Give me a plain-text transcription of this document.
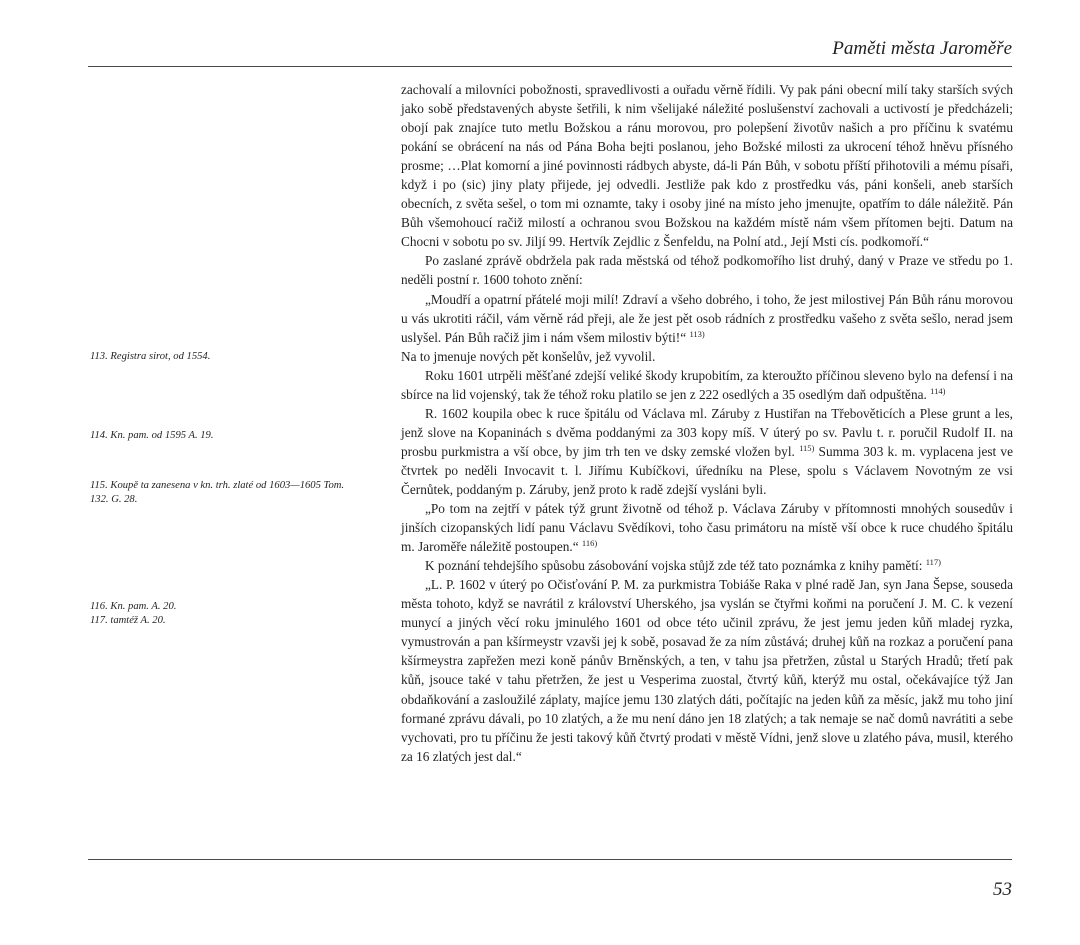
Paměti města Jaroměře
113. Registra sirot, od 1554.
114. Kn. pam. od 1595 A. 19.
115. Koupě ta zanesena v kn. trh. zlaté od 1603—1605 Tom.
132. G. 28.
116. Kn. pam. A. 20.
117. tamtéž A. 20.

zachovalí a milovníci pobožnosti, spravedlivosti a ouřadu věrně řídili. Vy pak páni obecní milí taky starších svých jako sobě představených abyste šetřili, k nim všelijaké náležité poslušenství zachovali a uctivostí je předcházeli; obojí pak znajíce tuto metlu Božskou a ránu morovou, pro polepšení životův našich a pro příčinu k svatému pokání se obrácení na nás od Pána Boha bejti poslanou, jeho Božské milosti za ukrocení téhož hněvu přísného prosme; …Plat komorní a jiné povinnosti rádbych abyste, dá-li Pán Bůh, v sobotu příští přihotovili a mému písaři, když i po (sic) jiny platy přijede, jej odvedli. Jestliže pak kdo z prostředku vás, páni konšeli, aneb starších obecních, z světa sešel, o tom mi oznamte, taky i osoby jiné na místo jeho jmenujte, opatřím to dále náležitě. Pán Bůh všemohoucí račiž milostí a ochranou svou Božskou na každém místě nám všem přítomen bejti. Datum na Chocni v sobotu po sv. Jiljí 99. Hertvík Zejdlic z Šenfeldu, na Polní atd., Její Msti cís. podkomoří.“

Po zaslané zprávě obdržela pak rada městská od téhož podkomořího list druhý, daný v Praze ve středu po 1. neděli postní r. 1600 tohoto znění:

„Moudří a opatrní přátelé moji milí! Zdraví a všeho dobrého, i toho, že jest milostivej Pán Bůh ránu morovou u vás ukrotiti ráčil, vám věrně rád přeji, ale že jest pět osob rádních z prostředku vašeho z světa sešlo, nerad jsem uslyšel. Pán Bůh račiž jim i nám všem milostiv býti!“ $^{113)}$

Na to jmenuje nových pět konšelův, jež vyvolil.

Roku 1601 utrpěli měšťané zdejší veliké škody krupobitím, za kteroužto příčinou sleveno bylo na defensí i na sbírce na lid vojenský, tak že téhož roku platilo se jen z 222 osedlých a 35 osedlým daň odpuštěna. $^{114)}$

R. 1602 koupila obec k ruce špitálu od Václava ml. Záruby z Hustiřan na Třebověticích a Plese grunt a les, jenž slove na Kopaninách s dvěma poddanými za 303 kopy míš. V úterý po sv. Pavlu t. r. poručil Rudolf II. na prosbu purkmistra a vší obce, by jim trh ten ve dsky zemské vložen byl. $^{115)}$ Summa 303 k. m. vyplacena jest ve čtvrtek po neděli Invocavit t. l. Jiřímu Kubíčkovi, úředníku na Plese, spolu s Václavem Novotným ze vsi Černůtek, poddaným p. Záruby, jenž proto k radě zdejší vysláni byli.

„Po tom na zejtří v pátek týž grunt životně od téhož p. Václava Záruby v přítomnosti mnohých sousedův i jinších cizopanských lidí panu Václavu Svědíkovi, toho času primátoru na místě vší obce k ruce chudého špitálu m. Jaroměře náležitě postoupen.“ $^{116)}$

K poznání tehdejšího spůsobu zásobování vojska stůjž zde též tato poznámka z knihy pamětí: $^{117)}$

„L. P. 1602 v úterý po Očisťování P. M. za purkmistra Tobiáše Raka v plné radě Jan, syn Jana Šepse, souseda města tohoto, když se navrátil z království Uherského, jsa vyslán se čtyřmi koňmi na poručení J. M. C. k vezení munycí a jiných věcí roku jminulého 1601 od obce této učinil zprávu, že jest jemu jeden kůň mladej ryzka, vymustrován a pan kšírmeystr vzavši jej k sobě, posavad že za ním zůstává; druhej kůň na rozkaz a poručení pana kšírmeystra zapřežen mezi koně pánův Brněnských, a ten, v tahu jsa přetržen, zůstal u Starých Hradů; třetí pak kůň, jsouce také v tahu přetržen, že jest u Vesperima zuostal, čtvrtý kůň, kterýž mu ostal, očekávajíce týž Jan obdaňkování a zasloužilé záplaty, majíce jemu 130 zlatých dáti, počítajíc na jeden kůň za měsíc, jakž mu toho jiní formané zprávu dávali, po 10 zlatých, a že mu není dáno jen 18 zlatých; a tak nemaje se nač domů navrátiti a sebe vychovati, pro tu příčinu že jesti takový kůň čtvrtý prodati v městě Vídni, jenž slove u zlatého páva, musil, kterého za 16 zlatých jest dal.“

53
